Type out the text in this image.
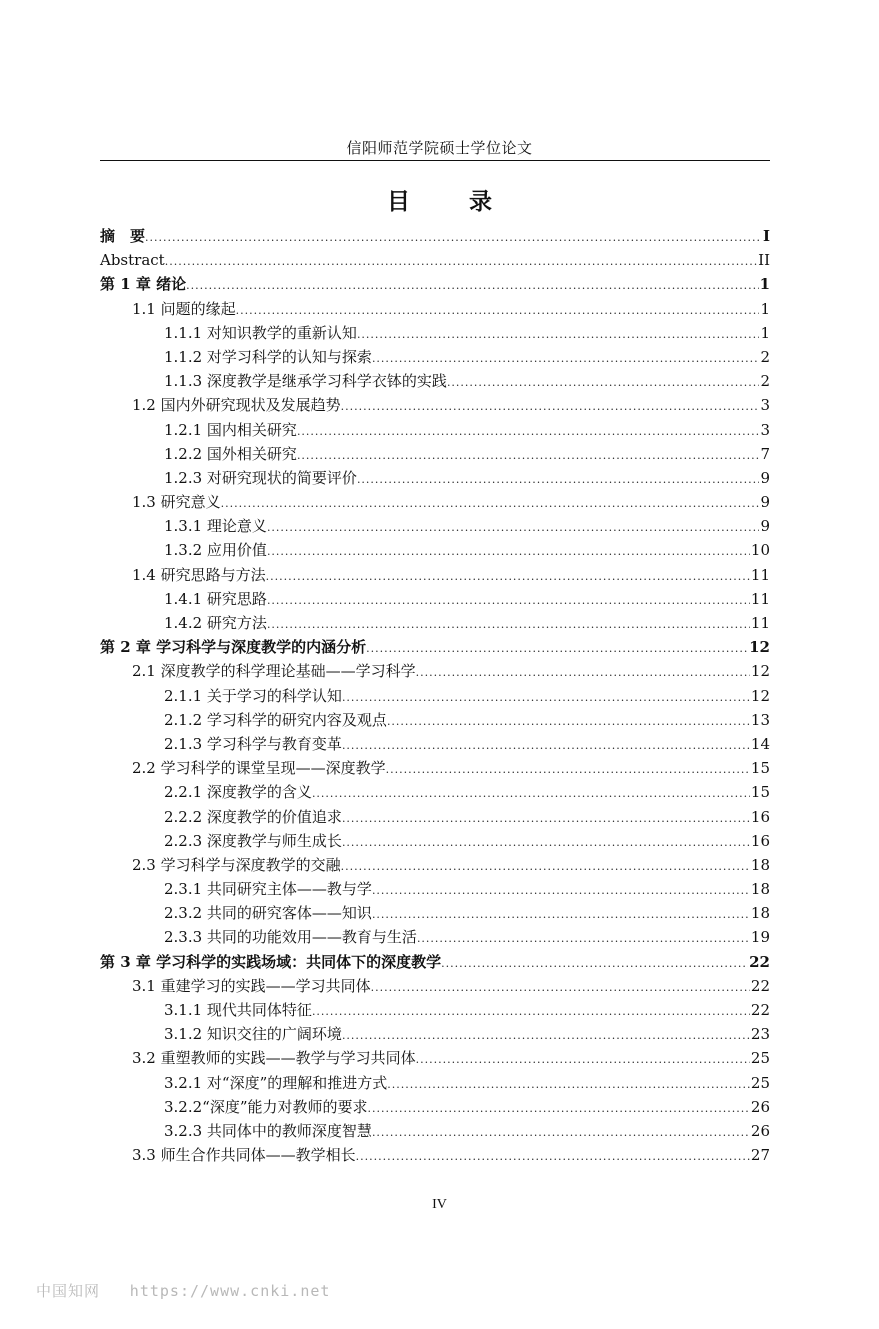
信阳师范学院硕士学位论文
目　录
摘　要 .....	I
Abstract .....	II
第 1 章 绪论 .....	1
1.1 问题的缘起 .....	1
1.1.1 对知识教学的重新认知 .....	1
1.1.2 对学习科学的认知与探索 .....	2
1.1.3 深度教学是继承学习科学衣钵的实践 .....	2
1.2 国内外研究现状及发展趋势 .....	3
1.2.1 国内相关研究 .....	3
1.2.2 国外相关研究 .....	7
1.2.3 对研究现状的简要评价 .....	9
1.3 研究意义 .....	9
1.3.1 理论意义 .....	9
1.3.2 应用价值 .....	10
1.4 研究思路与方法 .....	11
1.4.1 研究思路 .....	11
1.4.2 研究方法 .....	11
第 2 章 学习科学与深度教学的内涵分析 .....	12
2.1 深度教学的科学理论基础——学习科学 .....	12
2.1.1 关于学习的科学认知 .....	12
2.1.2 学习科学的研究内容及观点 .....	13
2.1.3 学习科学与教育变革 .....	14
2.2 学习科学的课堂呈现——深度教学 .....	15
2.2.1 深度教学的含义 .....	15
2.2.2 深度教学的价值追求 .....	16
2.2.3 深度教学与师生成长 .....	16
2.3 学习科学与深度教学的交融 .....	18
2.3.1 共同研究主体——教与学 .....	18
2.3.2 共同的研究客体——知识 .....	18
2.3.3 共同的功能效用——教育与生活 .....	19
第 3 章 学习科学的实践场域：共同体下的深度教学 .....	22
3.1 重建学习的实践——学习共同体 .....	22
3.1.1 现代共同体特征 .....	22
3.1.2 知识交往的广阔环境 .....	23
3.2 重塑教师的实践——教学与学习共同体 .....	25
3.2.1 对“深度”的理解和推进方式 .....	25
3.2.2“深度”能力对教师的要求 .....	26
3.2.3 共同体中的教师深度智慧 .....	26
3.3 师生合作共同体——教学相长 .....	27
IV
中国知网 https://www.cnki.net
